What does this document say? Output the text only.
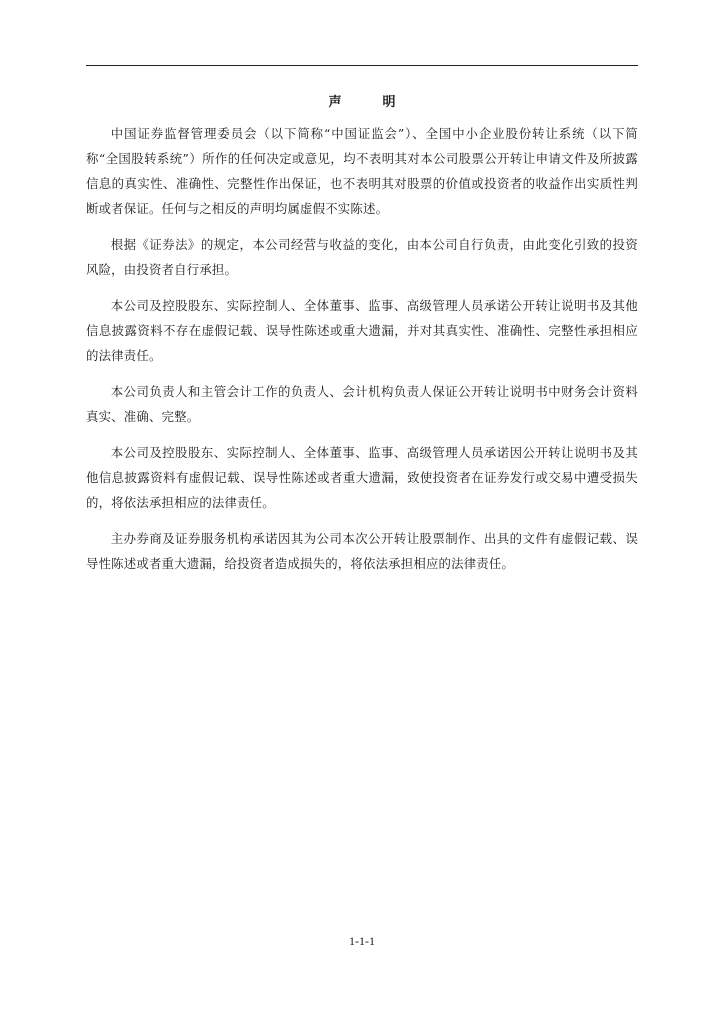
声　明

中国证券监督管理委员会（以下简称“中国证监会”）、全国中小企业股份转让系统（以下简称“全国股转系统”）所作的任何决定或意见，均不表明其对本公司股票公开转让申请文件及所披露信息的真实性、准确性、完整性作出保证，也不表明其对股票的价值或投资者的收益作出实质性判断或者保证。任何与之相反的声明均属虚假不实陈述。

根据《证券法》的规定，本公司经营与收益的变化，由本公司自行负责，由此变化引致的投资风险，由投资者自行承担。

本公司及控股股东、实际控制人、全体董事、监事、高级管理人员承诺公开转让说明书及其他信息披露资料不存在虚假记载、误导性陈述或重大遗漏，并对其真实性、准确性、完整性承担相应的法律责任。

本公司负责人和主管会计工作的负责人、会计机构负责人保证公开转让说明书中财务会计资料真实、准确、完整。

本公司及控股股东、实际控制人、全体董事、监事、高级管理人员承诺因公开转让说明书及其他信息披露资料有虚假记载、误导性陈述或者重大遗漏，致使投资者在证券发行或交易中遭受损失的，将依法承担相应的法律责任。

主办券商及证券服务机构承诺因其为公司本次公开转让股票制作、出具的文件有虚假记载、误导性陈述或者重大遗漏，给投资者造成损失的，将依法承担相应的法律责任。

1-1-1
